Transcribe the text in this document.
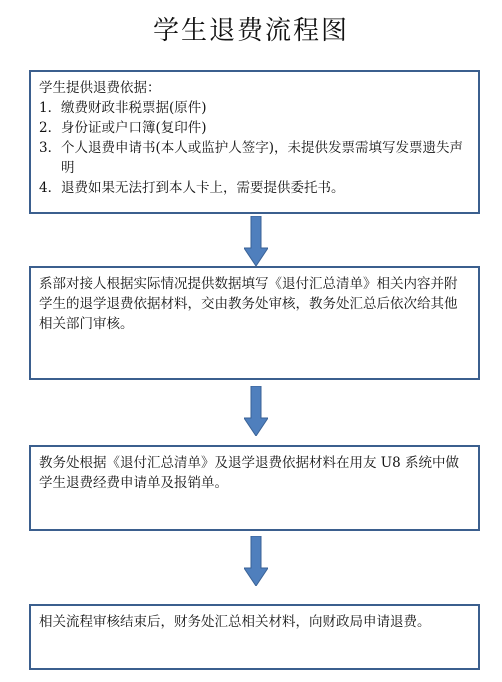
学生退费流程图
学生提供退费依据：
1． 缴费财政非税票据(原件)
2． 身份证或户口簿(复印件)
3． 个人退费申请书(本人或监护人签字)，未提供发票需填写发票遗失声明
4． 退费如果无法打到本人卡上，需要提供委托书。
系部对接人根据实际情况提供数据填写《退付汇总清单》相关内容并附学生的退学退费依据材料，交由教务处审核，教务处汇总后依次给其他相关部门审核。
教务处根据《退付汇总清单》及退学退费依据材料在用友 U8 系统中做学生退费经费申请单及报销单。
相关流程审核结束后，财务处汇总相关材料，向财政局申请退费。
